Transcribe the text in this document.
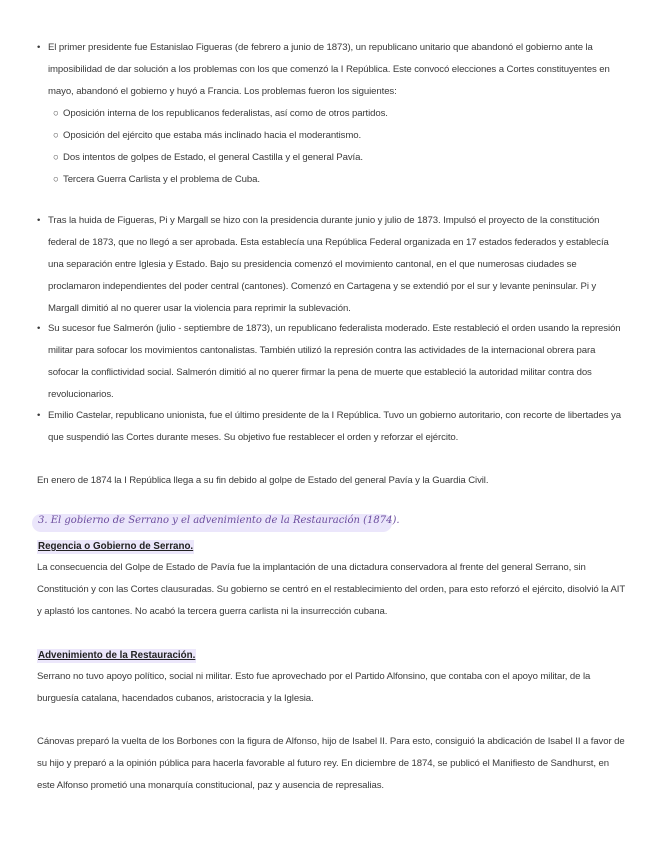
• El primer presidente fue Estanislao Figueras (de febrero a junio de 1873), un republicano unitario que abandonó el gobierno ante la imposibilidad de dar solución a los problemas con los que comenzó la I República. Este convocó elecciones a Cortes constituyentes en mayo, abandonó el gobierno y huyó a Francia. Los problemas fueron los siguientes:
○ Oposición interna de los republicanos federalistas, así como de otros partidos.
○ Oposición del ejército que estaba más inclinado hacia el moderantismo.
○ Dos intentos de golpes de Estado, el general Castilla y el general Pavía.
○ Tercera Guerra Carlista y el problema de Cuba.
• Tras la huida de Figueras, Pi y Margall se hizo con la presidencia durante junio y julio de 1873. Impulsó el proyecto de la constitución federal de 1873, que no llegó a ser aprobada. Esta establecía una República Federal organizada en 17 estados federados y establecía una separación entre Iglesia y Estado. Bajo su presidencia comenzó el movimiento cantonal, en el que numerosas ciudades se proclamaron independientes del poder central (cantones). Comenzó en Cartagena y se extendió por el sur y levante peninsular. Pi y Margall dimitió al no querer usar la violencia para reprimir la sublevación.
• Su sucesor fue Salmerón (julio - septiembre de 1873), un republicano federalista moderado. Este restableció el orden usando la represión militar para sofocar los movimientos cantonalistas. También utilizó la represión contra las actividades de la internacional obrera para sofocar la conflictividad social. Salmerón dimitió al no querer firmar la pena de muerte que estableció la autoridad militar contra dos revolucionarios.
• Emilio Castelar, republicano unionista, fue el último presidente de la I República. Tuvo un gobierno autoritario, con recorte de libertades ya que suspendió las Cortes durante meses. Su objetivo fue restablecer el orden y reforzar el ejército.
En enero de 1874 la I República llega a su fin debido al golpe de Estado del general Pavía y la Guardia Civil.
3. El gobierno de Serrano y el advenimiento de la Restauración (1874).
Regencia o Gobierno de Serrano.
La consecuencia del Golpe de Estado de Pavía fue la implantación de una dictadura conservadora al frente del general Serrano, sin Constitución y con las Cortes clausuradas. Su gobierno se centró en el restablecimiento del orden, para esto reforzó el ejército, disolvió la AIT y aplastó los cantones. No acabó la tercera guerra carlista ni la insurrección cubana.
Advenimiento de la Restauración.
Serrano no tuvo apoyo político, social ni militar. Esto fue aprovechado por el Partido Alfonsino, que contaba con el apoyo militar, de la burguesía catalana, hacendados cubanos, aristocracia y la Iglesia.
Cánovas preparó la vuelta de los Borbones con la figura de Alfonso, hijo de Isabel II. Para esto, consiguió la abdicación de Isabel II a favor de su hijo y preparó a la opinión pública para hacerla favorable al futuro rey. En diciembre de 1874, se publicó el Manifiesto de Sandhurst, en este Alfonso prometió una monarquía constitucional, paz y ausencia de represalias.
